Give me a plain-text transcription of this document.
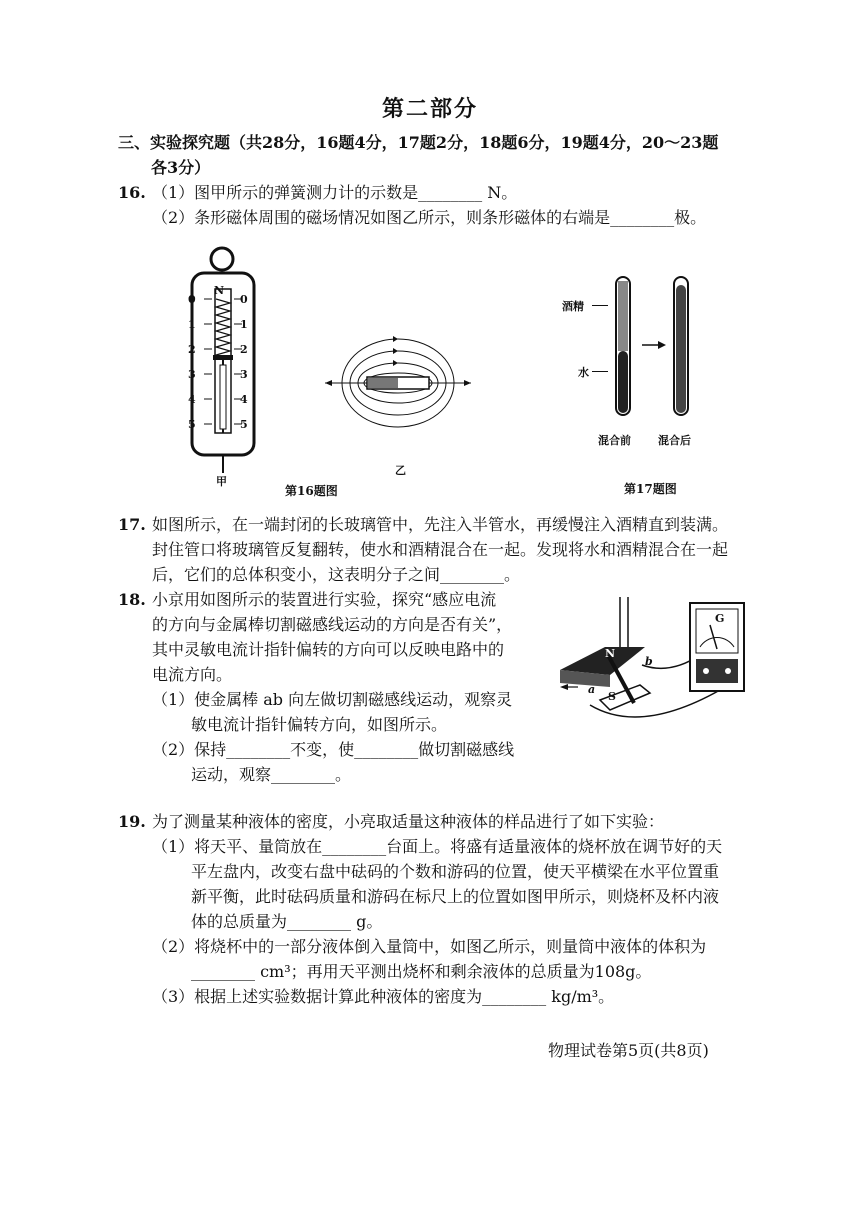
第二部分
三、实验探究题（共28分，16题4分，17题2分，18题6分，19题4分，20～23题
各3分）
16. （1）图甲所示的弹簧测力计的示数是________ N。
（2）条形磁体周围的磁场情况如图乙所示，则条形磁体的右端是________极。
N
0
1
2
3
4
5
0
1
2
3
4
5
甲
乙
第16题图
酒精
水
混合前 混合后
第17题图
17. 如图所示，在一端封闭的长玻璃管中，先注入半管水，再缓慢注入酒精直到装满。
封住管口将玻璃管反复翻转，使水和酒精混合在一起。发现将水和酒精混合在一起
后，它们的总体积变小，这表明分子之间________。
18. 小京用如图所示的装置进行实验，探究“感应电流
的方向与金属棒切割磁感线运动的方向是否有关”，
其中灵敏电流计指针偏转的方向可以反映电路中的
电流方向。
（1）使金属棒 ab 向左做切割磁感线运动，观察灵
敏电流计指针偏转方向，如图所示。
（2）保持________不变，使________做切割磁感线
运动，观察________。
N
S
a
b
G
19. 为了测量某种液体的密度，小亮取适量这种液体的样品进行了如下实验：
（1）将天平、量筒放在________台面上。将盛有适量液体的烧杯放在调节好的天
平左盘内，改变右盘中砝码的个数和游码的位置，使天平横梁在水平位置重
新平衡，此时砝码质量和游码在标尺上的位置如图甲所示，则烧杯及杯内液
体的总质量为________ g。
（2）将烧杯中的一部分液体倒入量筒中，如图乙所示，则量筒中液体的体积为
________ cm³；再用天平测出烧杯和剩余液体的总质量为108g。
（3）根据上述实验数据计算此种液体的密度为________ kg/m³。
物理试卷第5页(共8页)
